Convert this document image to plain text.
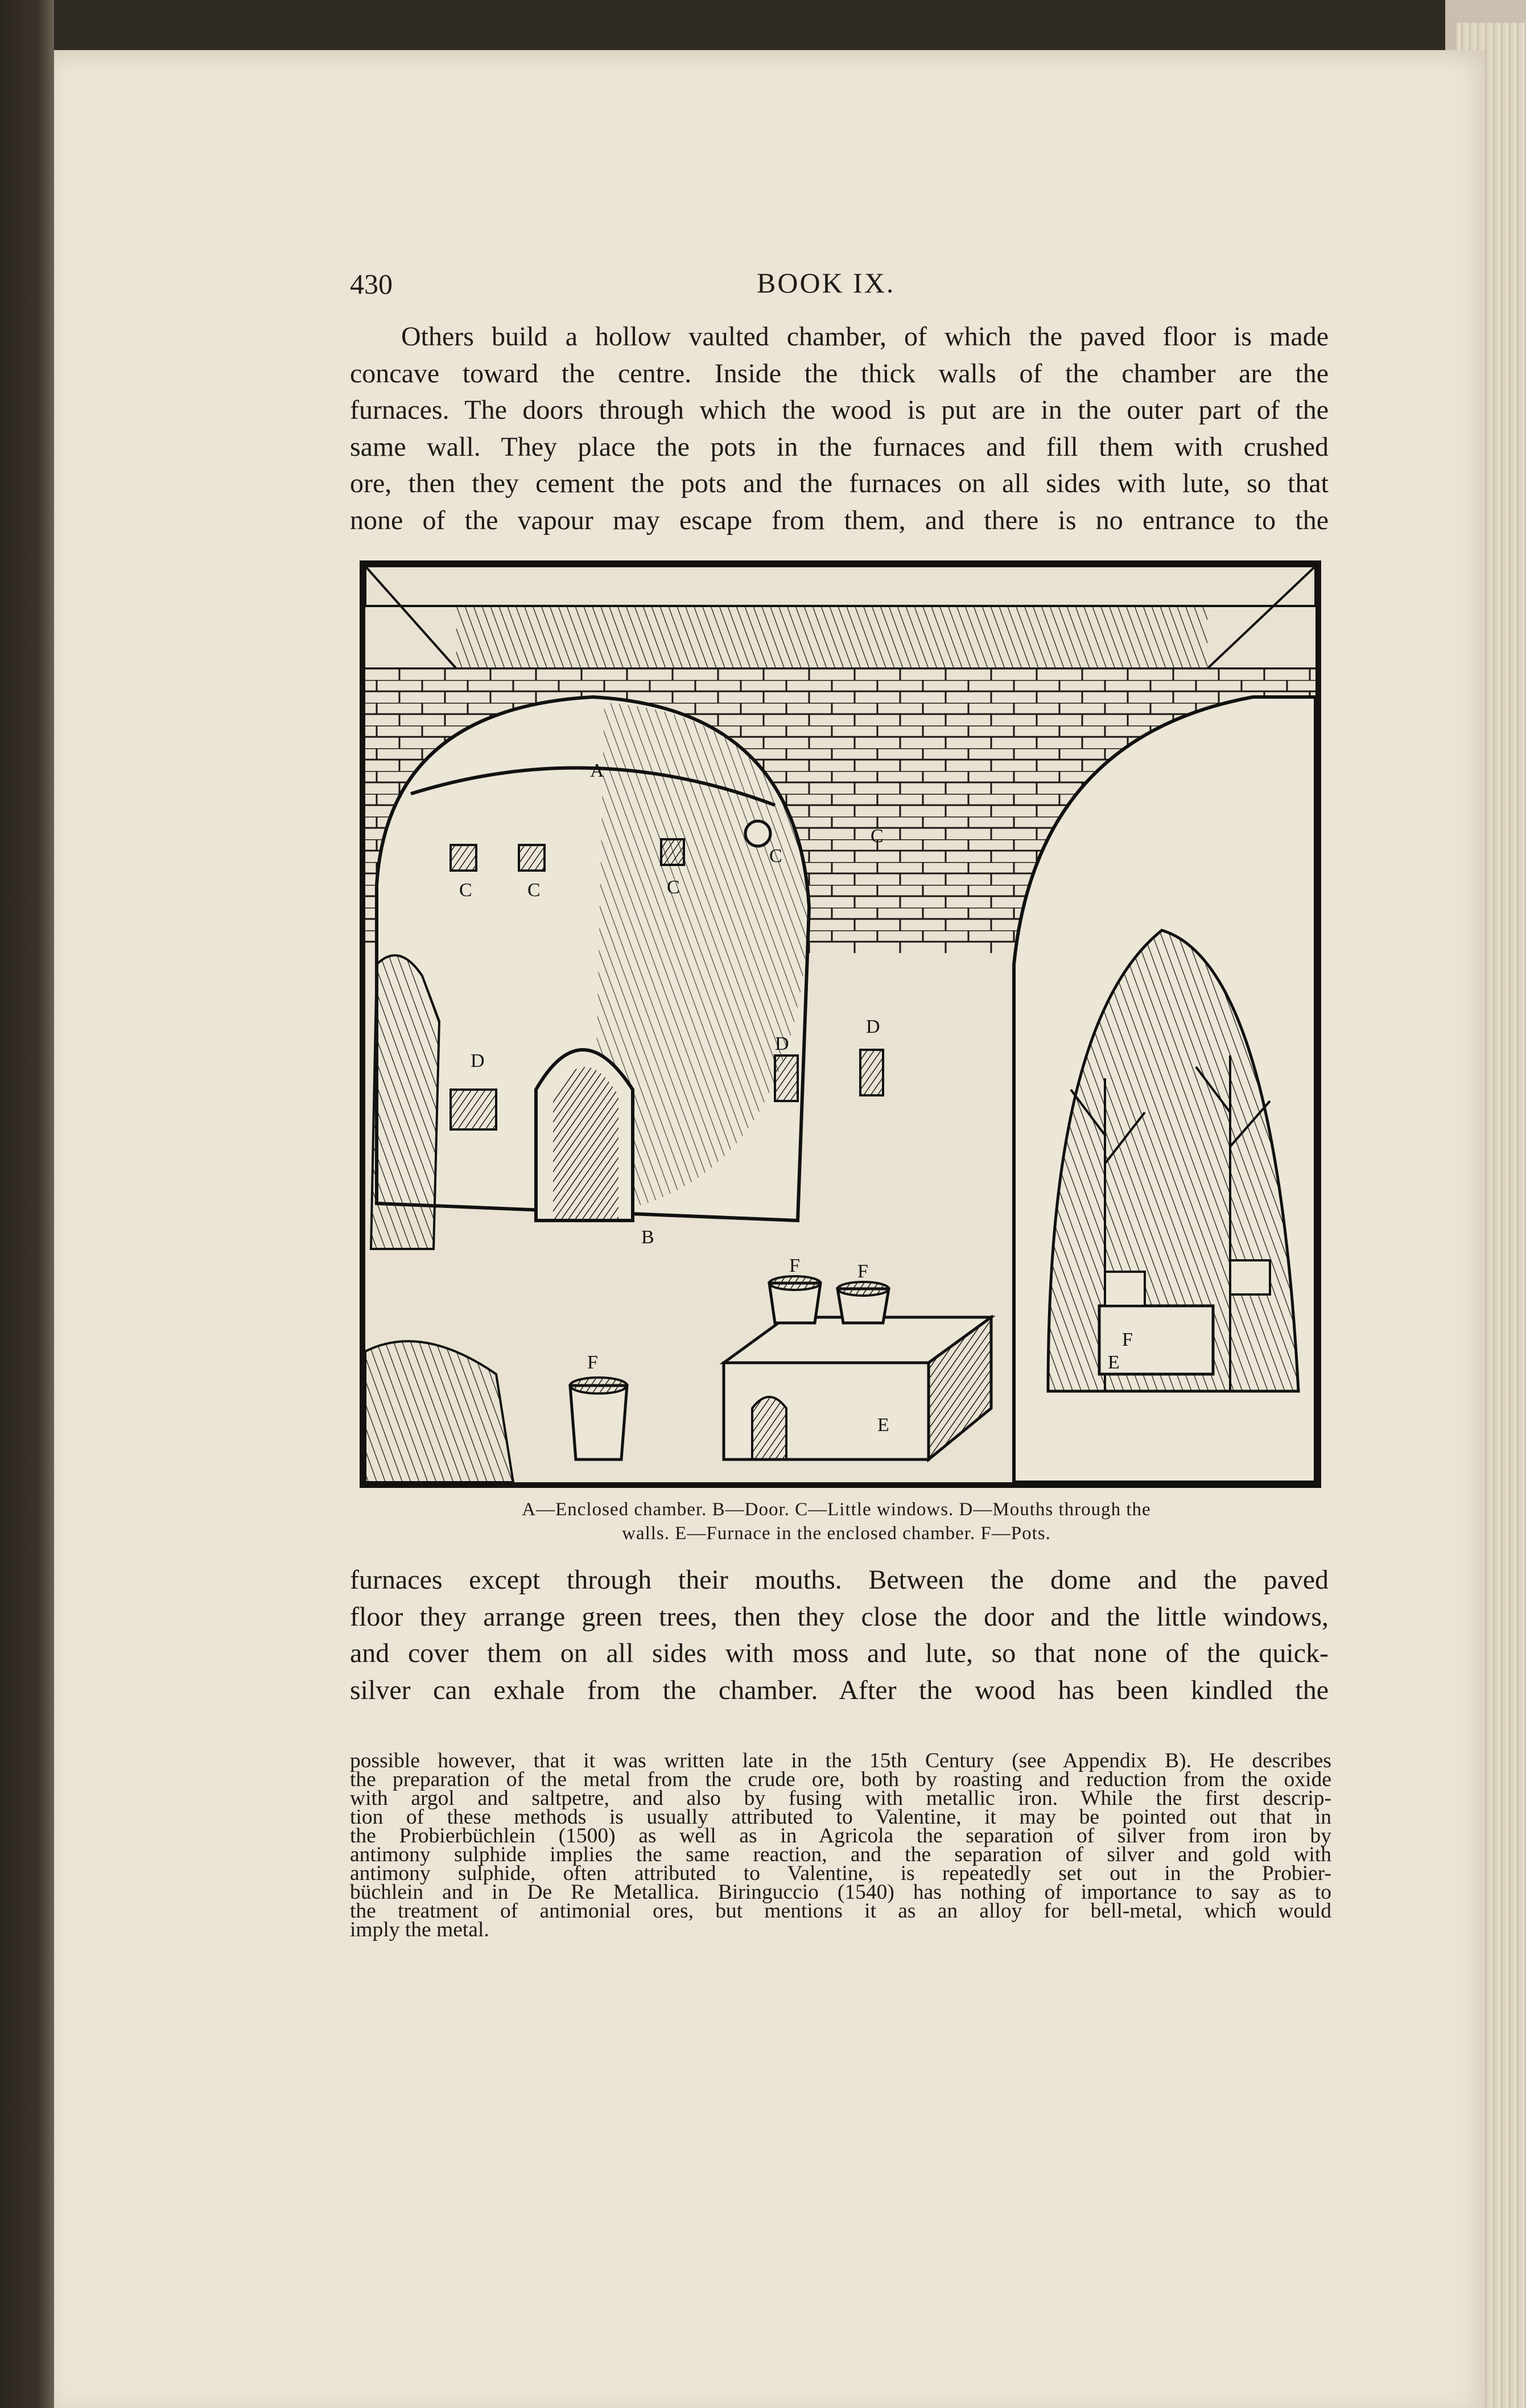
430	BOOK IX.
Others build a hollow vaulted chamber, of which the paved floor is made
concave toward the centre. Inside the thick walls of the chamber are the
furnaces. The doors through which the wood is put are in the outer part of the
same wall. They place the pots in the furnaces and fill them with crushed
ore, then they cement the pots and the furnaces on all sides with lute, so that
none of the vapour may escape from them, and there is no entrance to the
A
B
C	C	C
C
C
D
D
D
E
E
F
F	F
F
A—Enclosed chamber. B—Door. C—Little windows. D—Mouths through the
walls. E—Furnace in the enclosed chamber. F—Pots.
furnaces except through their mouths. Between the dome and the paved
floor they arrange green trees, then they close the door and the little windows,
and cover them on all sides with moss and lute, so that none of the quick-
silver can exhale from the chamber. After the wood has been kindled the
possible however, that it was written late in the 15th Century (see Appendix B). He describes
the preparation of the metal from the crude ore, both by roasting and reduction from the oxide
with argol and saltpetre, and also by fusing with metallic iron. While the first descrip-
tion of these methods is usually attributed to Valentine, it may be pointed out that in
the Probierbüchlein (1500) as well as in Agricola the separation of silver from iron by
antimony sulphide implies the same reaction, and the separation of silver and gold with
antimony sulphide, often attributed to Valentine, is repeatedly set out in the Probier-
büchlein and in De Re Metallica. Biringuccio (1540) has nothing of importance to say as to
the treatment of antimonial ores, but mentions it as an alloy for bell-metal, which would
imply the metal.
